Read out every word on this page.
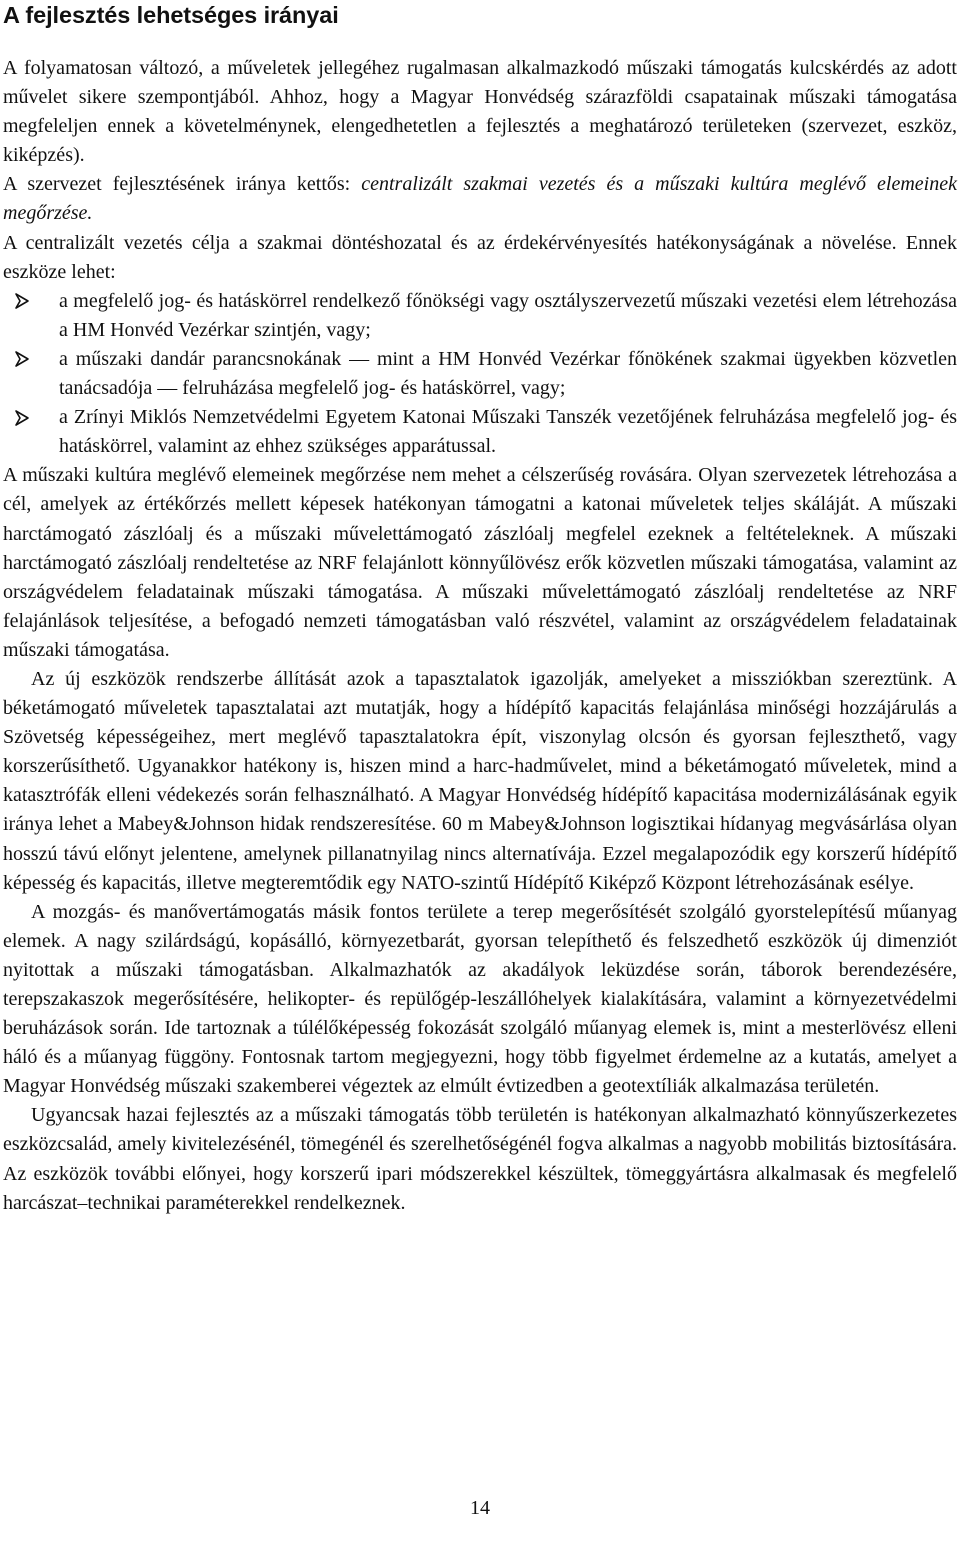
A fejlesztés lehetséges irányai

A folyamatosan változó, a műveletek jellegéhez rugalmasan alkalmazkodó műszaki támogatás kulcskérdés az adott művelet sikere szempontjából. Ahhoz, hogy a Magyar Honvédség szárazföldi csapatainak műszaki támogatása megfeleljen ennek a követelménynek, elengedhetetlen a fejlesztés a meghatározó területeken (szervezet, eszköz, kiképzés).

A szervezet fejlesztésének iránya kettős: centralizált szakmai vezetés és a műszaki kultúra meglévő elemeinek megőrzése.

A centralizált vezetés célja a szakmai döntéshozatal és az érdekérvényesítés hatékonyságának a növelése. Ennek eszköze lehet:

a megfelelő jog- és hatáskörrel rendelkező főnökségi vagy osztályszervezetű műszaki vezetési elem létrehozása a HM Honvéd Vezérkar szintjén, vagy;
a műszaki dandár parancsnokának — mint a HM Honvéd Vezérkar főnökének szakmai ügyekben közvetlen tanácsadója — felruházása megfelelő jog- és hatáskörrel, vagy;
a Zrínyi Miklós Nemzetvédelmi Egyetem Katonai Műszaki Tanszék vezetőjének felruházása megfelelő jog- és hatáskörrel, valamint az ehhez szükséges apparátussal.

A műszaki kultúra meglévő elemeinek megőrzése nem mehet a célszerűség rovására. Olyan szervezetek létrehozása a cél, amelyek az értékőrzés mellett képesek hatékonyan támogatni a katonai műveletek teljes skáláját. A műszaki harctámogató zászlóalj és a műszaki művelettámogató zászlóalj megfelel ezeknek a feltételeknek. A műszaki harctámogató zászlóalj rendeltetése az NRF felajánlott könnyűlövész erők közvetlen műszaki támogatása, valamint az országvédelem feladatainak műszaki támogatása. A műszaki művelettámogató zászlóalj rendeltetése az NRF felajánlások teljesítése, a befogadó nemzeti támogatásban való részvétel, valamint az országvédelem feladatainak műszaki támogatása.

Az új eszközök rendszerbe állítását azok a tapasztalatok igazolják, amelyeket a missziókban szereztünk. A béketámogató műveletek tapasztalatai azt mutatják, hogy a hídépítő kapacitás felajánlása minőségi hozzájárulás a Szövetség képességeihez, mert meglévő tapasztalatokra épít, viszonylag olcsón és gyorsan fejleszthető, vagy korszerűsíthető. Ugyanakkor hatékony is, hiszen mind a harc-hadművelet, mind a béketámogató műveletek, mind a katasztrófák elleni védekezés során felhasználható. A Magyar Honvédség hídépítő kapacitása modernizálásának egyik iránya lehet a Mabey&Johnson hidak rendszeresítése. 60 m Mabey&Johnson logisztikai hídanyag megvásárlása olyan hosszú távú előnyt jelentene, amelynek pillanatnyilag nincs alternatívája. Ezzel megalapozódik egy korszerű hídépítő képesség és kapacitás, illetve megteremtődik egy NATO-szintű Hídépítő Kiképző Központ létrehozásának esélye.

A mozgás- és manővertámogatás másik fontos területe a terep megerősítését szolgáló gyorstelepítésű műanyag elemek. A nagy szilárdságú, kopásálló, környezetbarát, gyorsan telepíthető és felszedhető eszközök új dimenziót nyitottak a műszaki támogatásban. Alkalmazhatók az akadályok leküzdése során, táborok berendezésére, terepszakaszok megerősítésére, helikopter- és repülőgép-leszállóhelyek kialakítására, valamint a környezetvédelmi beruházások során. Ide tartoznak a túlélőképesség fokozását szolgáló műanyag elemek is, mint a mesterlövész elleni háló és a műanyag függöny. Fontosnak tartom megjegyezni, hogy több figyelmet érdemelne az a kutatás, amelyet a Magyar Honvédség műszaki szakemberei végeztek az elmúlt évtizedben a geotextíliák alkalmazása területén.

Ugyancsak hazai fejlesztés az a műszaki támogatás több területén is hatékonyan alkalmazható könnyűszerkezetes eszközcsalád, amely kivitelezésénél, tömegénél és szerelhetőségénél fogva alkalmas a nagyobb mobilitás biztosítására. Az eszközök további előnyei, hogy korszerű ipari módszerekkel készültek, tömeggyártásra alkalmasak és megfelelő harcászat–technikai paraméterekkel rendelkeznek.

14
